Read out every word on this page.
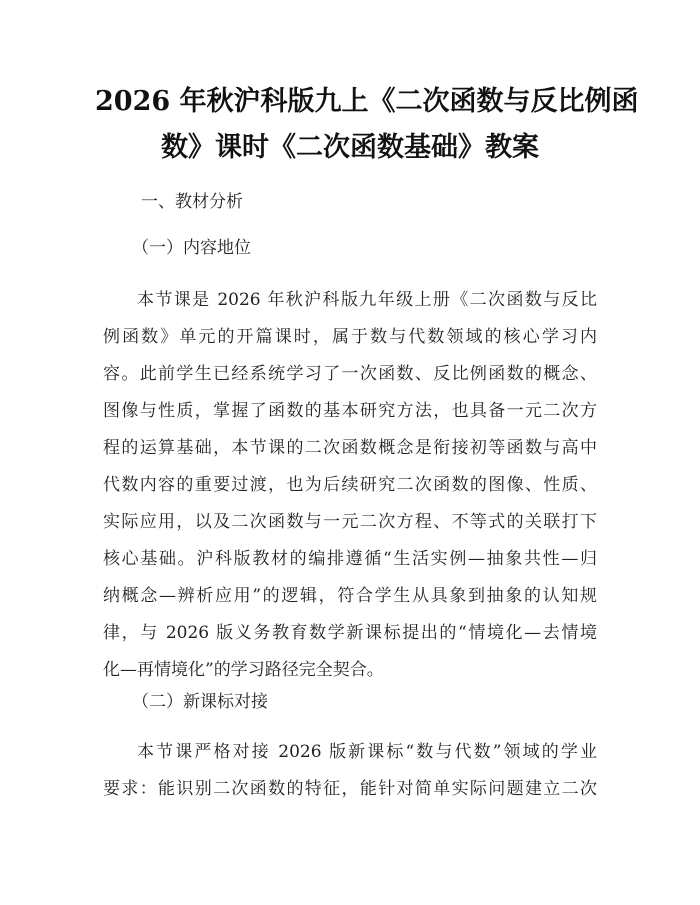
2026 年秋沪科版九上《二次函数与反比例函
数》课时《二次函数基础》教案
一、教材分析
（一）内容地位
本节课是 2026 年秋沪科版九年级上册《二次函数与反比
例函数》单元的开篇课时，属于数与代数领域的核心学习内
容。此前学生已经系统学习了一次函数、反比例函数的概念、
图像与性质，掌握了函数的基本研究方法，也具备一元二次方
程的运算基础，本节课的二次函数概念是衔接初等函数与高中
代数内容的重要过渡，也为后续研究二次函数的图像、性质、
实际应用，以及二次函数与一元二次方程、不等式的关联打下
核心基础。沪科版教材的编排遵循“生活实例—抽象共性—归
纳概念—辨析应用”的逻辑，符合学生从具象到抽象的认知规
律，与 2026 版义务教育数学新课标提出的“情境化—去情境
化—再情境化”的学习路径完全契合。
（二）新课标对接
本节课严格对接 2026 版新课标“数与代数”领域的学业
要求：能识别二次函数的特征，能针对简单实际问题建立二次
